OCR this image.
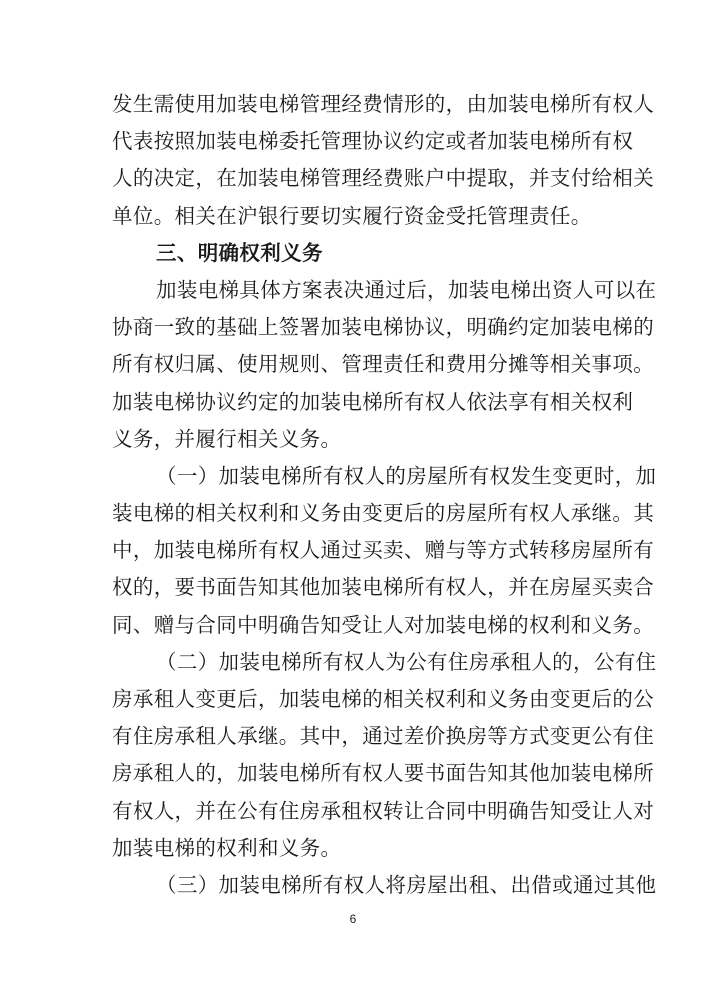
发生需使用加装电梯管理经费情形的，由加装电梯所有权人
代表按照加装电梯委托管理协议约定或者加装电梯所有权
人的决定，在加装电梯管理经费账户中提取，并支付给相关
单位。相关在沪银行要切实履行资金受托管理责任。
三、明确权利义务
加装电梯具体方案表决通过后，加装电梯出资人可以在
协商一致的基础上签署加装电梯协议，明确约定加装电梯的
所有权归属、使用规则、管理责任和费用分摊等相关事项。
加装电梯协议约定的加装电梯所有权人依法享有相关权利
义务，并履行相关义务。
（一）加装电梯所有权人的房屋所有权发生变更时，加
装电梯的相关权利和义务由变更后的房屋所有权人承继。其
中，加装电梯所有权人通过买卖、赠与等方式转移房屋所有
权的，要书面告知其他加装电梯所有权人，并在房屋买卖合
同、赠与合同中明确告知受让人对加装电梯的权利和义务。
（二）加装电梯所有权人为公有住房承租人的，公有住
房承租人变更后，加装电梯的相关权利和义务由变更后的公
有住房承租人承继。其中，通过差价换房等方式变更公有住
房承租人的，加装电梯所有权人要书面告知其他加装电梯所
有权人，并在公有住房承租权转让合同中明确告知受让人对
加装电梯的权利和义务。
（三）加装电梯所有权人将房屋出租、出借或通过其他
6
